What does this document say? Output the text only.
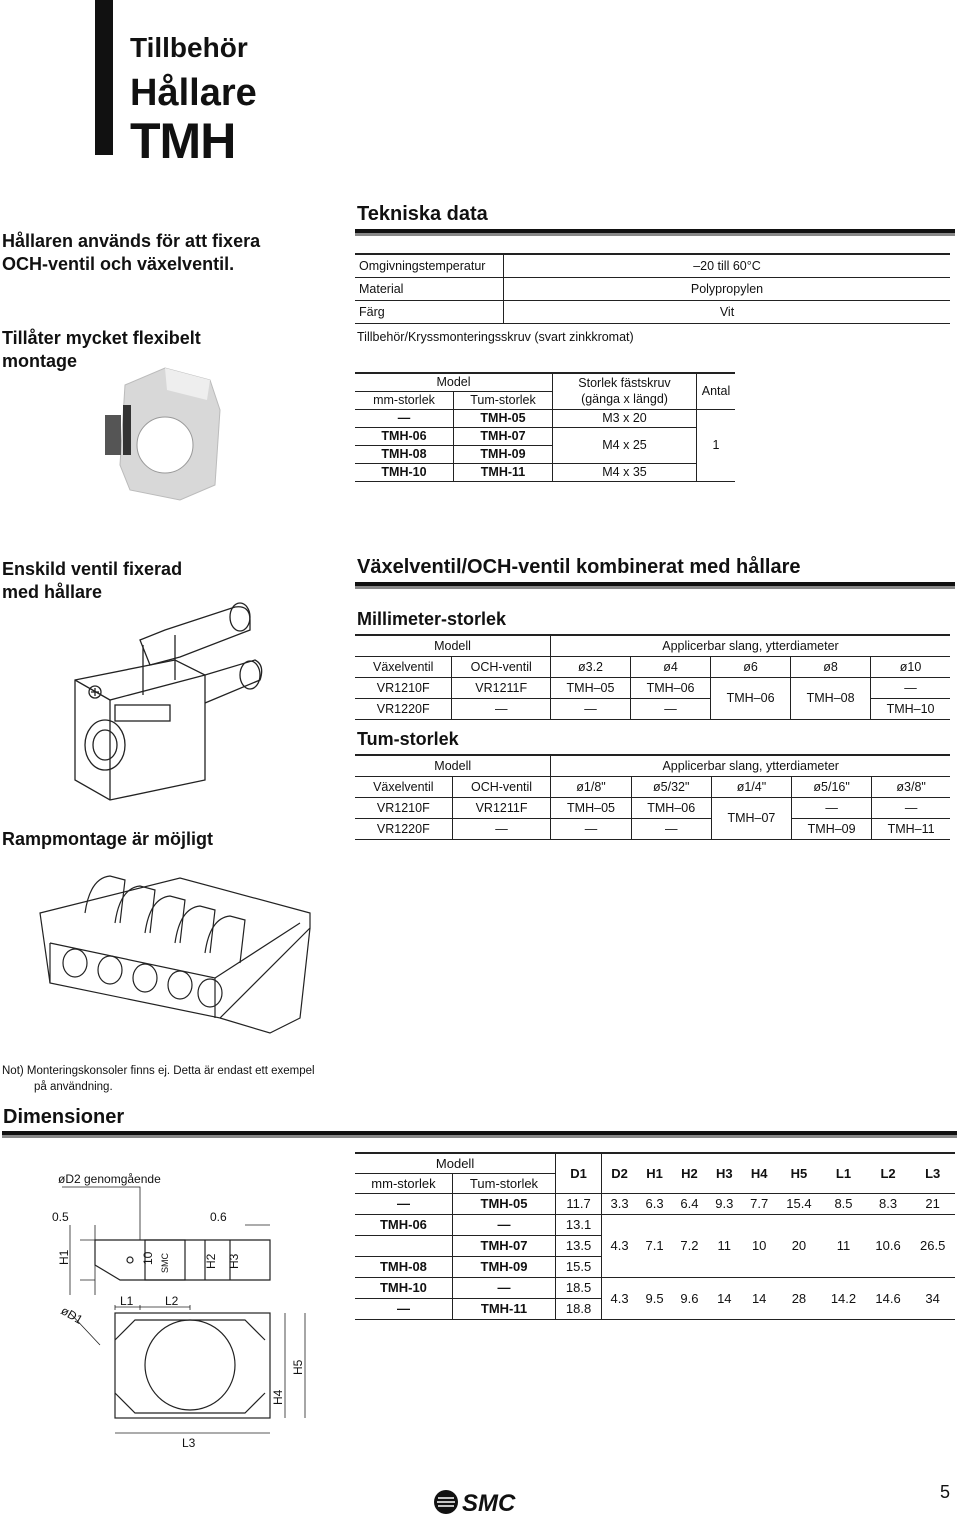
Tillbehör
Hållare
TMH
Hållaren används för att fixera
OCH-ventil och växelventil.
Tillåter mycket flexibelt
montage
Tekniska data
Omgivningstemperatur	–20 till 60°C
Material	Polypropylen
Färg	Vit
Tillbehör/Kryssmonteringsskruv (svart zinkkromat)
Model		Storlek fästskruv
(gänga x längd)	Antal
mm-storlek	Tum-storlek		
—	TMH-05	M3 x 20	1
TMH-06	TMH-07	M4 x 25	
TMH-08	TMH-09		
TMH-10	TMH-11	M4 x 35	
Enskild ventil fixerad
med hållare
Rampmontage är möjligt
Not) Monteringskonsoler finns ej. Detta är endast ett exempel
på användning.
Växelventil/OCH-ventil kombinerat med hållare
Millimeter-storlek
Modell		Applicerbar slang, ytterdiameter				
Växelventil	OCH-ventil	ø3.2	ø4	ø6	ø8	ø10
VR1210F	VR1211F	TMH–05	TMH–06	TMH–06	TMH–08	—
VR1220F	—	—	—			TMH–10
Tum-storlek
Modell		Applicerbar slang, ytterdiameter				
Växelventil	OCH-ventil	ø1/8"	ø5/32"	ø1/4"	ø5/16"	ø3/8"
VR1210F	VR1211F	TMH–05	TMH–06	TMH–07	—	—
VR1220F	—	—	—		TMH–09	TMH–11
Dimensioner
øD2 genomgående
0.5	0.6
H1	10 SMC	H2 H3
øD1
L1	L2
H4
H5
L3
Modell		D1	D2	H1	H2	H3	H4	H5	L1	L2	L3
mm-storlek	Tum-storlek										
—	TMH-05	11.7	3.3	6.3	6.4	9.3	7.7	15.4	8.5	8.3	21
TMH-06	—	13.1	4.3	7.1	7.2	11	10	20	11	10.6	26.5
	TMH-07	13.5									
TMH-08	TMH-09	15.5									
TMH-10	—	18.5	4.3	9.5	9.6	14	14	28	14.2	14.6	34
—	TMH-11	18.8									
SMC	5
